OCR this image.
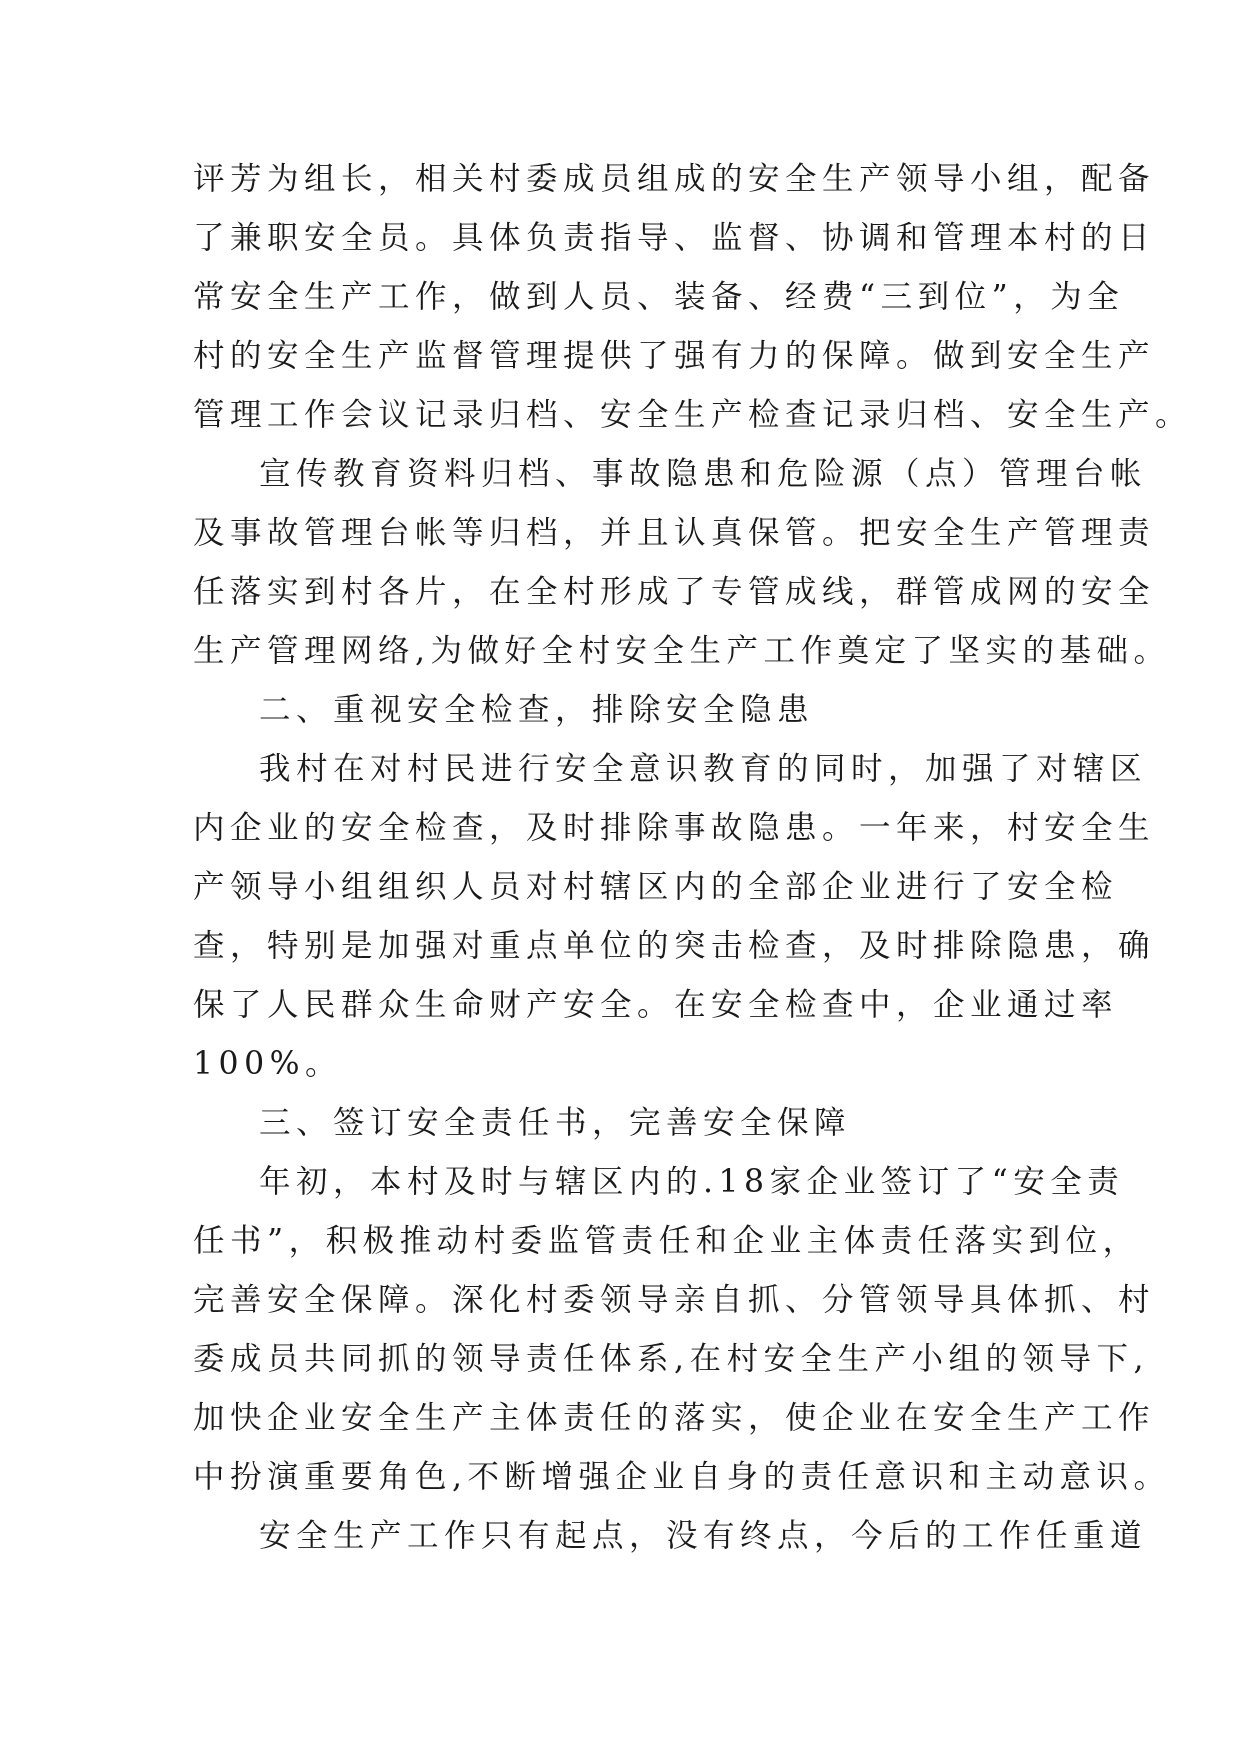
评芳为组长，相关村委成员组成的安全生产领导小组，配备
了兼职安全员。具体负责指导、监督、协调和管理本村的日
常安全生产工作，做到人员、装备、经费“三到位”，为全
村的安全生产监督管理提供了强有力的保障。做到安全生产
管理工作会议记录归档、安全生产检查记录归档、安全生产。
宣传教育资料归档、事故隐患和危险源（点）管理台帐
及事故管理台帐等归档，并且认真保管。把安全生产管理责
任落实到村各片，在全村形成了专管成线，群管成网的安全
生产管理网络,为做好全村安全生产工作奠定了坚实的基础。
二、重视安全检查，排除安全隐患
我村在对村民进行安全意识教育的同时，加强了对辖区
内企业的安全检查，及时排除事故隐患。一年来，村安全生
产领导小组组织人员对村辖区内的全部企业进行了安全检
查，特别是加强对重点单位的突击检查，及时排除隐患，确
保了人民群众生命财产安全。在安全检查中，企业通过率
100%。
三、签订安全责任书，完善安全保障
年初，本村及时与辖区内的.18家企业签订了“安全责
任书”，积极推动村委监管责任和企业主体责任落实到位，
完善安全保障。深化村委领导亲自抓、分管领导具体抓、村
委成员共同抓的领导责任体系,在村安全生产小组的领导下,
加快企业安全生产主体责任的落实，使企业在安全生产工作
中扮演重要角色,不断增强企业自身的责任意识和主动意识。
安全生产工作只有起点，没有终点，今后的工作任重道
